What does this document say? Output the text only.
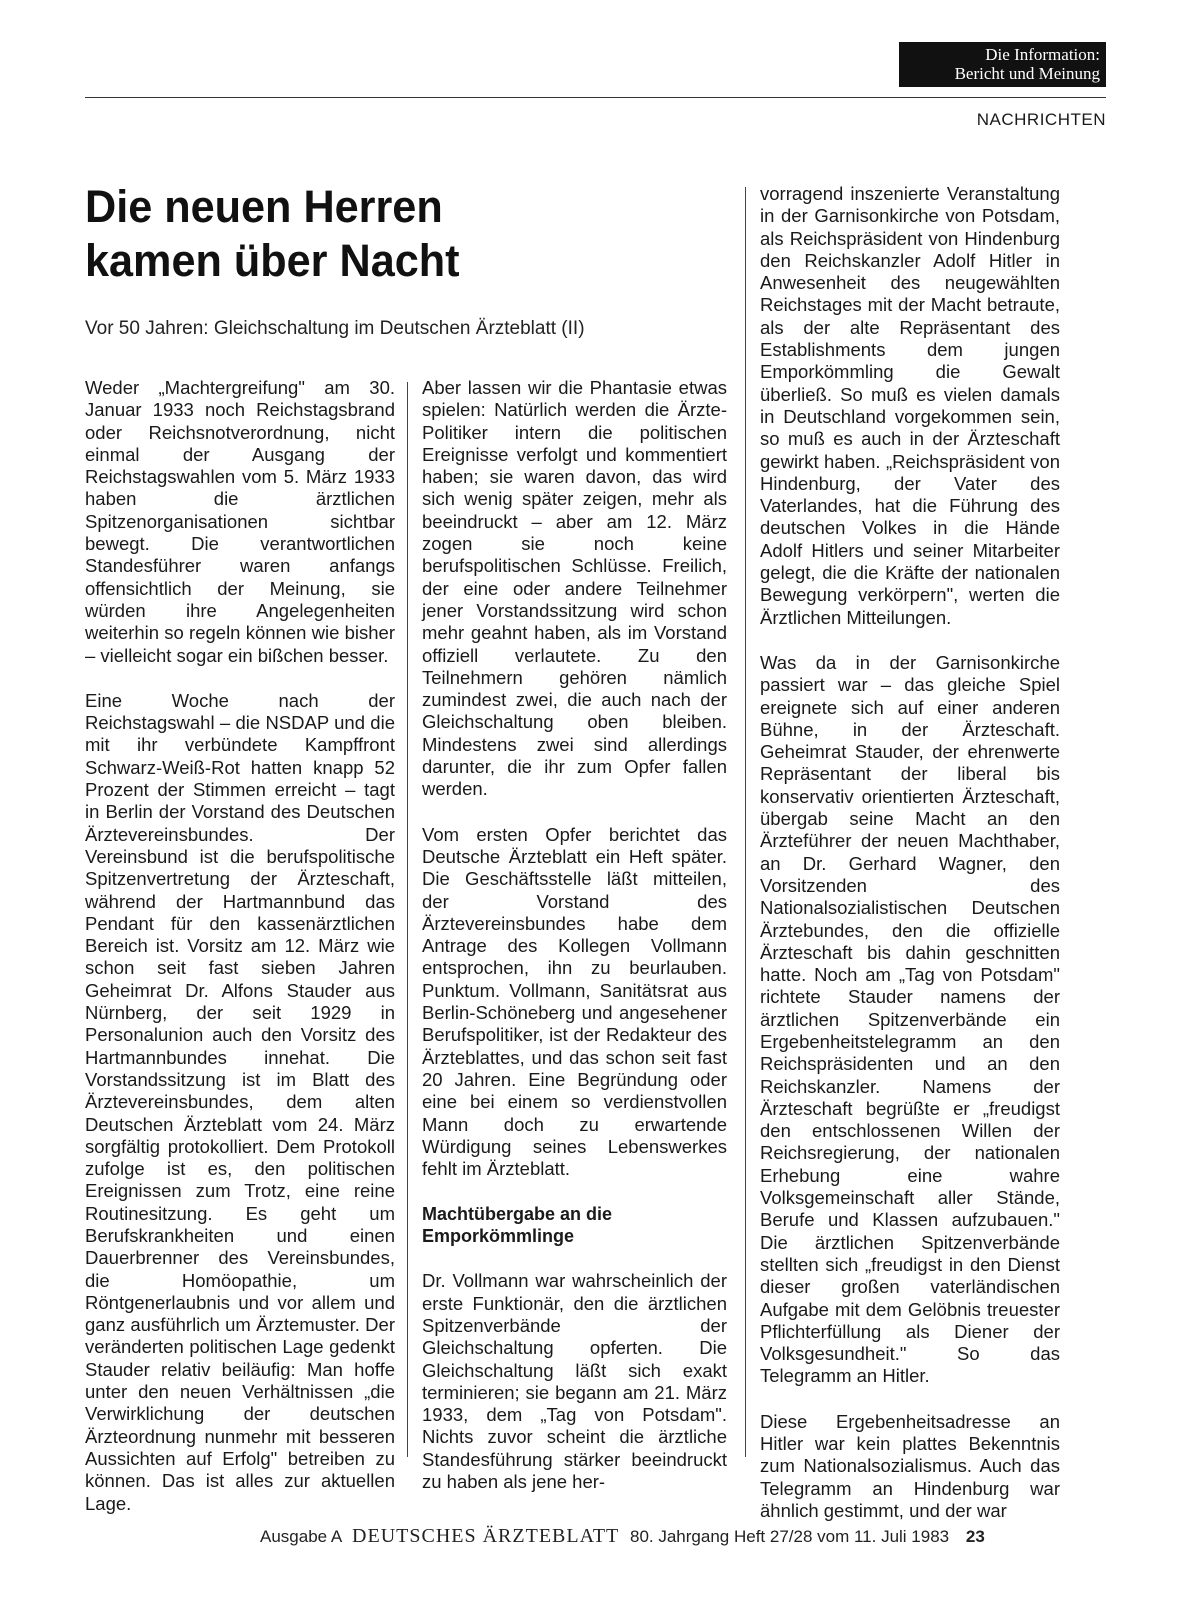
Die Information:
Bericht und Meinung
NACHRICHTEN
Die neuen Herren
kamen über Nacht
Vor 50 Jahren: Gleichschaltung im Deutschen Ärzteblatt (II)

Weder „Machtergreifung" am 30. Januar 1933 noch Reichstagsbrand oder Reichsnotverordnung, nicht einmal der Ausgang der Reichstagswahlen vom 5. März 1933 haben die ärztlichen Spitzenorganisationen sichtbar bewegt. Die verantwortlichen Standesführer waren anfangs offensichtlich der Meinung, sie würden ihre Angelegenheiten weiterhin so regeln können wie bisher – vielleicht sogar ein bißchen besser.

Eine Woche nach der Reichstagswahl – die NSDAP und die mit ihr verbündete Kampffront Schwarz-Weiß-Rot hatten knapp 52 Prozent der Stimmen erreicht – tagt in Berlin der Vorstand des Deutschen Ärztevereinsbundes. Der Vereinsbund ist die berufspolitische Spitzenvertretung der Ärzteschaft, während der Hartmannbund das Pendant für den kassenärztlichen Bereich ist. Vorsitz am 12. März wie schon seit fast sieben Jahren Geheimrat Dr. Alfons Stauder aus Nürnberg, der seit 1929 in Personalunion auch den Vorsitz des Hartmannbundes innehat. Die Vorstandssitzung ist im Blatt des Ärztevereinsbundes, dem alten Deutschen Ärzteblatt vom 24. März sorgfältig protokolliert. Dem Protokoll zufolge ist es, den politischen Ereignissen zum Trotz, eine reine Routinesitzung. Es geht um Berufskrankheiten und einen Dauerbrenner des Vereinsbundes, die Homöopathie, um Röntgenerlaubnis und vor allem und ganz ausführlich um Ärztemuster. Der veränderten politischen Lage gedenkt Stauder relativ beiläufig: Man hoffe unter den neuen Verhältnissen „die Verwirklichung der deutschen Ärzteordnung nunmehr mit besseren Aussichten auf Erfolg" betreiben zu können. Das ist alles zur aktuellen Lage.

Aber lassen wir die Phantasie etwas spielen: Natürlich werden die Ärzte-Politiker intern die politischen Ereignisse verfolgt und kommentiert haben; sie waren davon, das wird sich wenig später zeigen, mehr als beeindruckt – aber am 12. März zogen sie noch keine berufspolitischen Schlüsse. Freilich, der eine oder andere Teilnehmer jener Vorstandssitzung wird schon mehr geahnt haben, als im Vorstand offiziell verlautete. Zu den Teilnehmern gehören nämlich zumindest zwei, die auch nach der Gleichschaltung oben bleiben. Mindestens zwei sind allerdings darunter, die ihr zum Opfer fallen werden.

Vom ersten Opfer berichtet das Deutsche Ärzteblatt ein Heft später. Die Geschäftsstelle läßt mitteilen, der Vorstand des Ärztevereinsbundes habe dem Antrage des Kollegen Vollmann entsprochen, ihn zu beurlauben. Punktum. Vollmann, Sanitätsrat aus Berlin-Schöneberg und angesehener Berufspolitiker, ist der Redakteur des Ärzteblattes, und das schon seit fast 20 Jahren. Eine Begründung oder eine bei einem so verdienstvollen Mann doch zu erwartende Würdigung seines Lebenswerkes fehlt im Ärzteblatt.

Machtübergabe an die Emporkömmlinge

Dr. Vollmann war wahrscheinlich der erste Funktionär, den die ärztlichen Spitzenverbände der Gleichschaltung opferten. Die Gleichschaltung läßt sich exakt terminieren; sie begann am 21. März 1933, dem „Tag von Potsdam". Nichts zuvor scheint die ärztliche Standesführung stärker beeindruckt zu haben als jene her-

vorragend inszenierte Veranstaltung in der Garnisonkirche von Potsdam, als Reichspräsident von Hindenburg den Reichskanzler Adolf Hitler in Anwesenheit des neugewählten Reichstages mit der Macht betraute, als der alte Repräsentant des Establishments dem jungen Emporkömmling die Gewalt überließ. So muß es vielen damals in Deutschland vorgekommen sein, so muß es auch in der Ärzteschaft gewirkt haben. „Reichspräsident von Hindenburg, der Vater des Vaterlandes, hat die Führung des deutschen Volkes in die Hände Adolf Hitlers und seiner Mitarbeiter gelegt, die die Kräfte der nationalen Bewegung verkörpern", werten die Ärztlichen Mitteilungen.

Was da in der Garnisonkirche passiert war – das gleiche Spiel ereignete sich auf einer anderen Bühne, in der Ärzteschaft. Geheimrat Stauder, der ehrenwerte Repräsentant der liberal bis konservativ orientierten Ärzteschaft, übergab seine Macht an den Ärzteführer der neuen Machthaber, an Dr. Gerhard Wagner, den Vorsitzenden des Nationalsozialistischen Deutschen Ärztebundes, den die offizielle Ärzteschaft bis dahin geschnitten hatte. Noch am „Tag von Potsdam" richtete Stauder namens der ärztlichen Spitzenverbände ein Ergebenheitstelegramm an den Reichspräsidenten und an den Reichskanzler. Namens der Ärzteschaft begrüßte er „freudigst den entschlossenen Willen der Reichsregierung, der nationalen Erhebung eine wahre Volksgemeinschaft aller Stände, Berufe und Klassen aufzubauen." Die ärztlichen Spitzenverbände stellten sich „freudigst in den Dienst dieser großen vaterländischen Aufgabe mit dem Gelöbnis treuester Pflichterfüllung als Diener der Volksgesundheit." So das Telegramm an Hitler.

Diese Ergebenheitsadresse an Hitler war kein plattes Bekenntnis zum Nationalsozialismus. Auch das Telegramm an Hindenburg war ähnlich gestimmt, und der war

Ausgabe A DEUTSCHES ÄRZTEBLATT 80. Jahrgang Heft 27/28 vom 11. Juli 1983 23
